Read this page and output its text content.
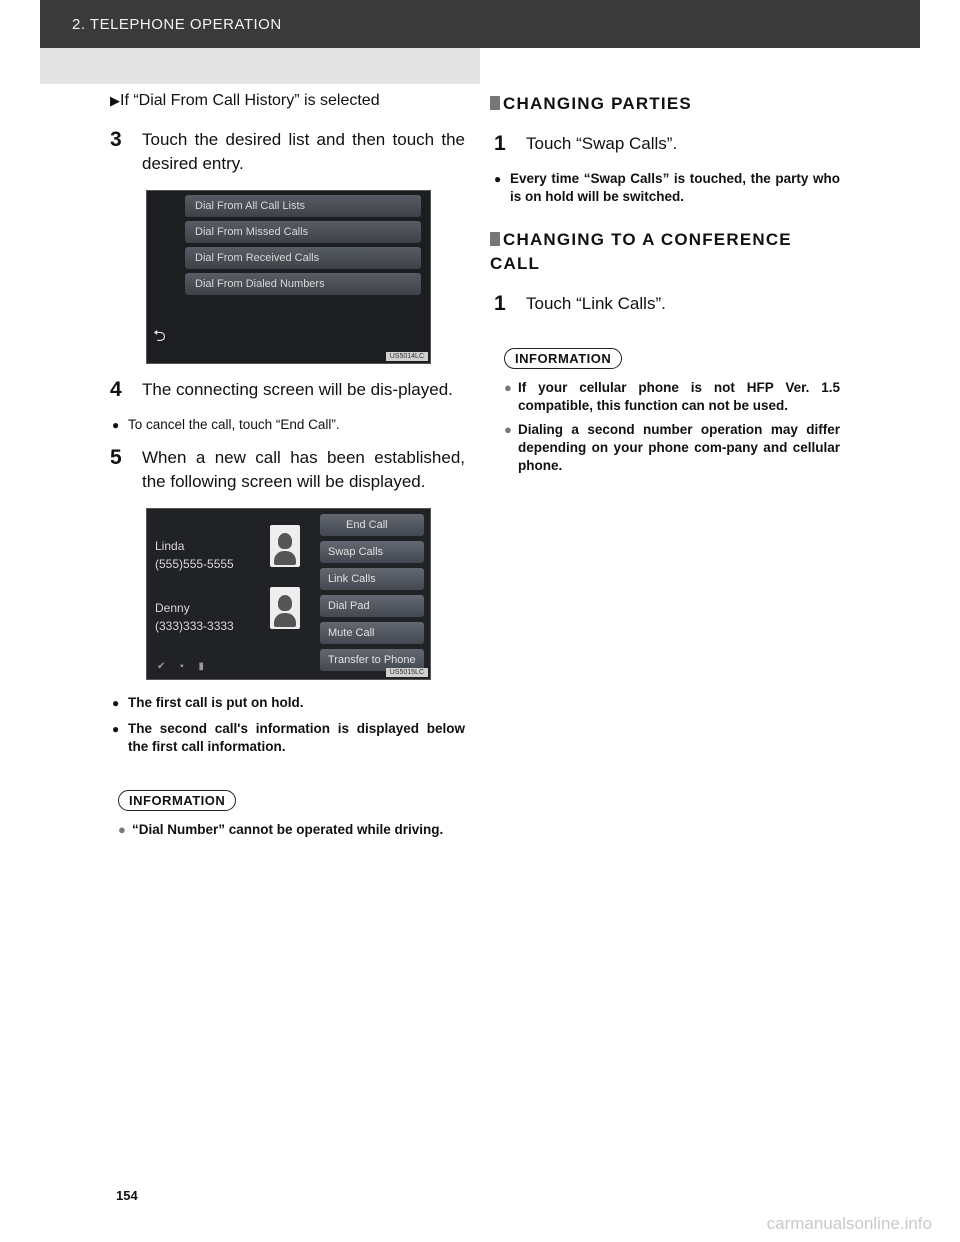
2. TELEPHONE OPERATION
▶If “Dial From Call History” is selected
3	Touch the desired list and then touch the desired entry.
Dial From All Call Lists
Dial From Missed Calls
Dial From Received Calls
Dial From Dialed Numbers
⮌
US5014LC
4	The connecting screen will be dis-played.
● To cancel the call, touch “End Call”.
5	When a new call has been established, the following screen will be displayed.
Linda
(555)555-5555
Denny
(333)333-3333
End Call
Swap Calls
Link Calls
Dial Pad
Mute Call
Transfer to Phone
✔ ▪ ▮
US5015LC
● The first call is put on hold.
● The second call's information is displayed below the first call information.
INFORMATION
● “Dial Number” cannot be operated while driving.
CHANGING PARTIES
1	Touch “Swap Calls”.
● Every time “Swap Calls” is touched, the party who is on hold will be switched.
CHANGING TO A CONFERENCE CALL
1	Touch “Link Calls”.
INFORMATION
● If your cellular phone is not HFP Ver. 1.5 compatible, this function can not be used.
● Dialing a second number operation may differ depending on your phone com-pany and cellular phone.
154
carmanualsonline.info
